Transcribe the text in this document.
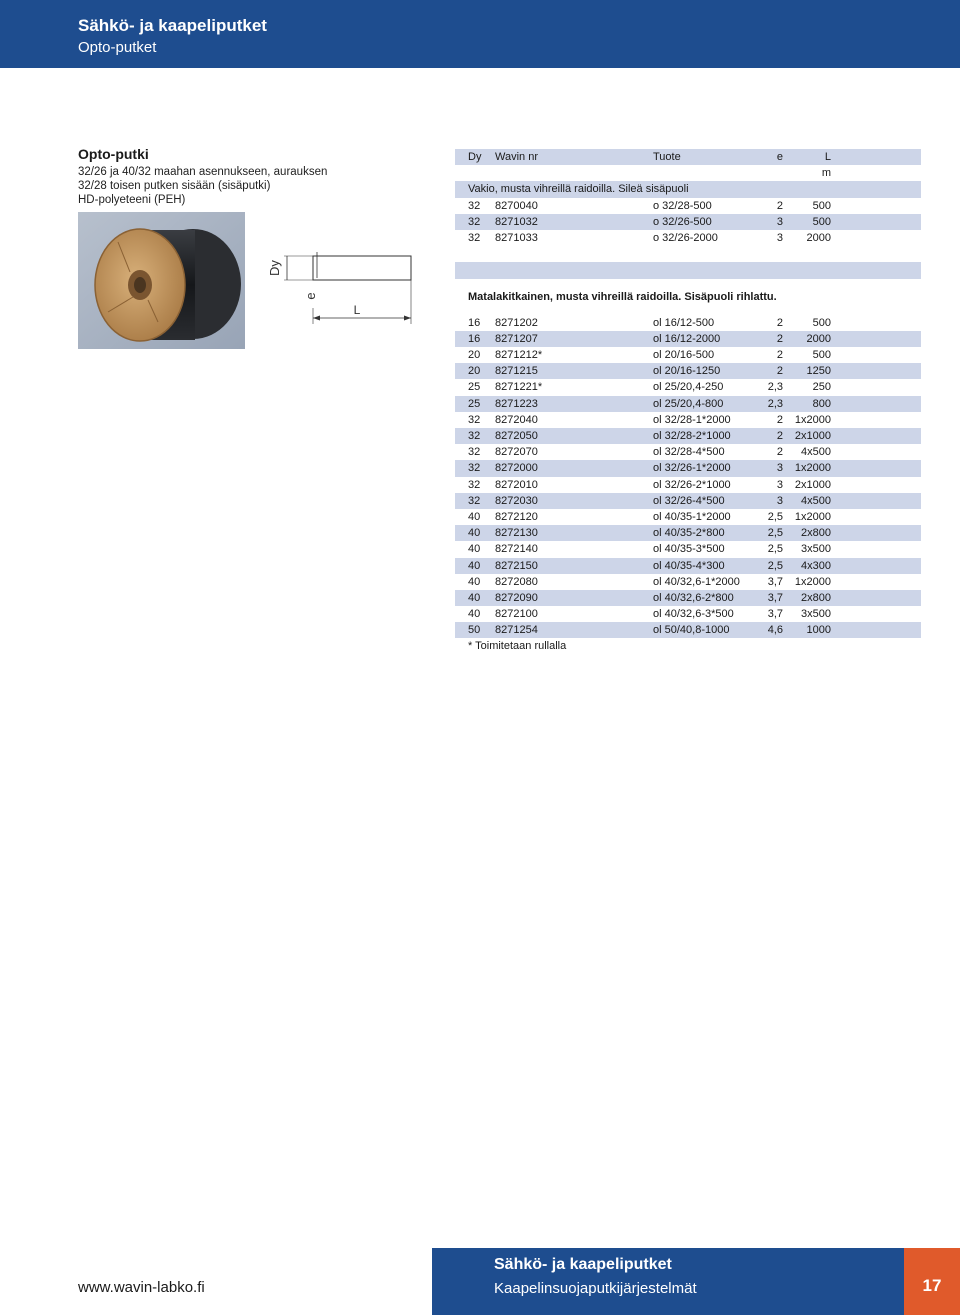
Sähkö- ja kaapeliputket
Opto-putket
Opto-putki
32/26 ja 40/32 maahan asennukseen, aurauksen
32/28 toisen putken sisään (sisäputki)
HD-polyeteeni (PEH)
Dy
e
L
Dy Wavin nr	Tuote	e	L
m
Vakio, musta vihreillä raidoilla. Sileä sisäpuoli
32 8270040	o 32/28-500	2	500
32 8271032	o 32/26-500	3	500
32 8271033	o 32/26-2000	3 2000
Matalakitkainen, musta vihreillä raidoilla. Sisäpuoli rihlattu.
16 8271202	ol 16/12-500	2	500
16 8271207	ol 16/12-2000	2 2000
20 8271212*	ol 20/16-500	2	500
20 8271215	ol 20/16-1250	2 1250
25 8271221*	ol 25/20,4-250	2,3	250
25 8271223	ol 25/20,4-800	2,3	800
32 8272040	ol 32/28-1*2000	2 1x2000
32 8272050	ol 32/28-2*1000	2 2x1000
32 8272070	ol 32/28-4*500	2 4x500
32 8272000	ol 32/26-1*2000	3 1x2000
32 8272010	ol 32/26-2*1000	3 2x1000
32 8272030	ol 32/26-4*500	3 4x500
40 8272120	ol 40/35-1*2000	2,5 1x2000
40 8272130	ol 40/35-2*800	2,5 2x800
40 8272140	ol 40/35-3*500	2,5 3x500
40 8272150	ol 40/35-4*300	2,5 4x300
40 8272080	ol 40/32,6-1*2000	3,7 1x2000
40 8272090	ol 40/32,6-2*800	3,7 2x800
40 8272100	ol 40/32,6-3*500	3,7 3x500
50 8271254	ol 50/40,8-1000	4,6 1000
* Toimitetaan rullalla
www.wavin-labko.fi
Sähkö- ja kaapeliputket
Kaapelinsuojaputkijärjestelmät	17
